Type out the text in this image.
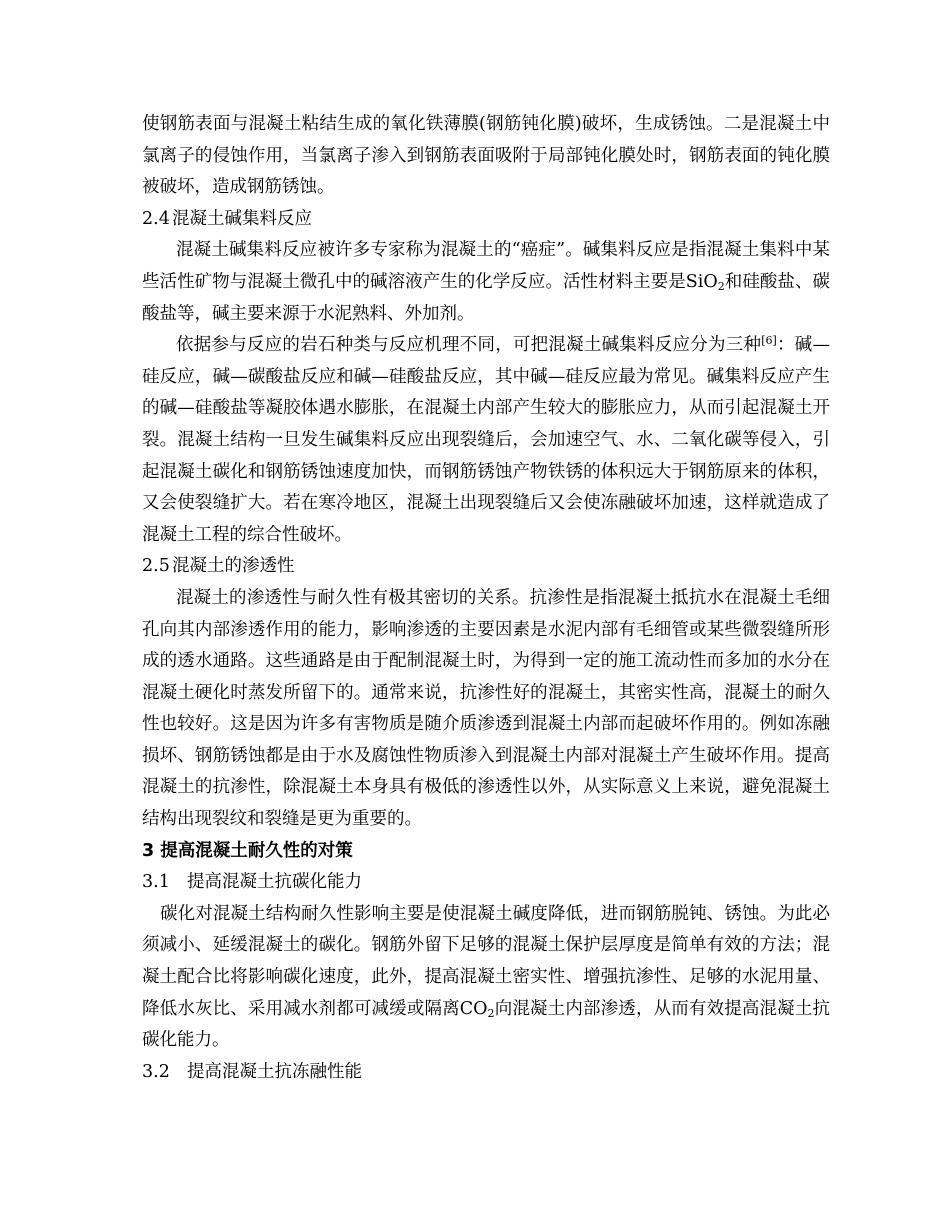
使钢筋表面与混凝土粘结生成的氧化铁薄膜(钢筋钝化膜)破坏，生成锈蚀。二是混凝土中氯离子的侵蚀作用，当氯离子渗入到钢筋表面吸附于局部钝化膜处时，钢筋表面的钝化膜被破坏，造成钢筋锈蚀。

2.4 混凝土碱集料反应

混凝土碱集料反应被许多专家称为混凝土的“癌症”。碱集料反应是指混凝土集料中某些活性矿物与混凝土微孔中的碱溶液产生的化学反应。活性材料主要是SiO$_2$和硅酸盐、碳酸盐等，碱主要来源于水泥熟料、外加剂。

依据参与反应的岩石种类与反应机理不同，可把混凝土碱集料反应分为三种[6]：碱—硅反应，碱—碳酸盐反应和碱—硅酸盐反应，其中碱—硅反应最为常见。碱集料反应产生的碱—硅酸盐等凝胶体遇水膨胀，在混凝土内部产生较大的膨胀应力，从而引起混凝土开裂。混凝土结构一旦发生碱集料反应出现裂缝后，会加速空气、水、二氧化碳等侵入，引起混凝土碳化和钢筋锈蚀速度加快，而钢筋锈蚀产物铁锈的体积远大于钢筋原来的体积，又会使裂缝扩大。若在寒冷地区，混凝土出现裂缝后又会使冻融破坏加速，这样就造成了混凝土工程的综合性破坏。

2.5 混凝土的渗透性

混凝土的渗透性与耐久性有极其密切的关系。抗渗性是指混凝土抵抗水在混凝土毛细孔向其内部渗透作用的能力，影响渗透的主要因素是水泥内部有毛细管或某些微裂缝所形成的透水通路。这些通路是由于配制混凝土时，为得到一定的施工流动性而多加的水分在混凝土硬化时蒸发所留下的。通常来说，抗渗性好的混凝土，其密实性高，混凝土的耐久性也较好。这是因为许多有害物质是随介质渗透到混凝土内部而起破坏作用的。例如冻融损坏、钢筋锈蚀都是由于水及腐蚀性物质渗入到混凝土内部对混凝土产生破坏作用。提高混凝土的抗渗性，除混凝土本身具有极低的渗透性以外，从实际意义上来说，避免混凝土结构出现裂纹和裂缝是更为重要的。

3 提高混凝土耐久性的对策

3.1 提高混凝土抗碳化能力

碳化对混凝土结构耐久性影响主要是使混凝土碱度降低，进而钢筋脱钝、锈蚀。为此必须减小、延缓混凝土的碳化。钢筋外留下足够的混凝土保护层厚度是简单有效的方法；混凝土配合比将影响碳化速度，此外，提高混凝土密实性、增强抗渗性、足够的水泥用量、降低水灰比、采用减水剂都可减缓或隔离$CO_2$向混凝土内部渗透，从而有效提高混凝土抗碳化能力。

3.2 提高混凝土抗冻融性能
